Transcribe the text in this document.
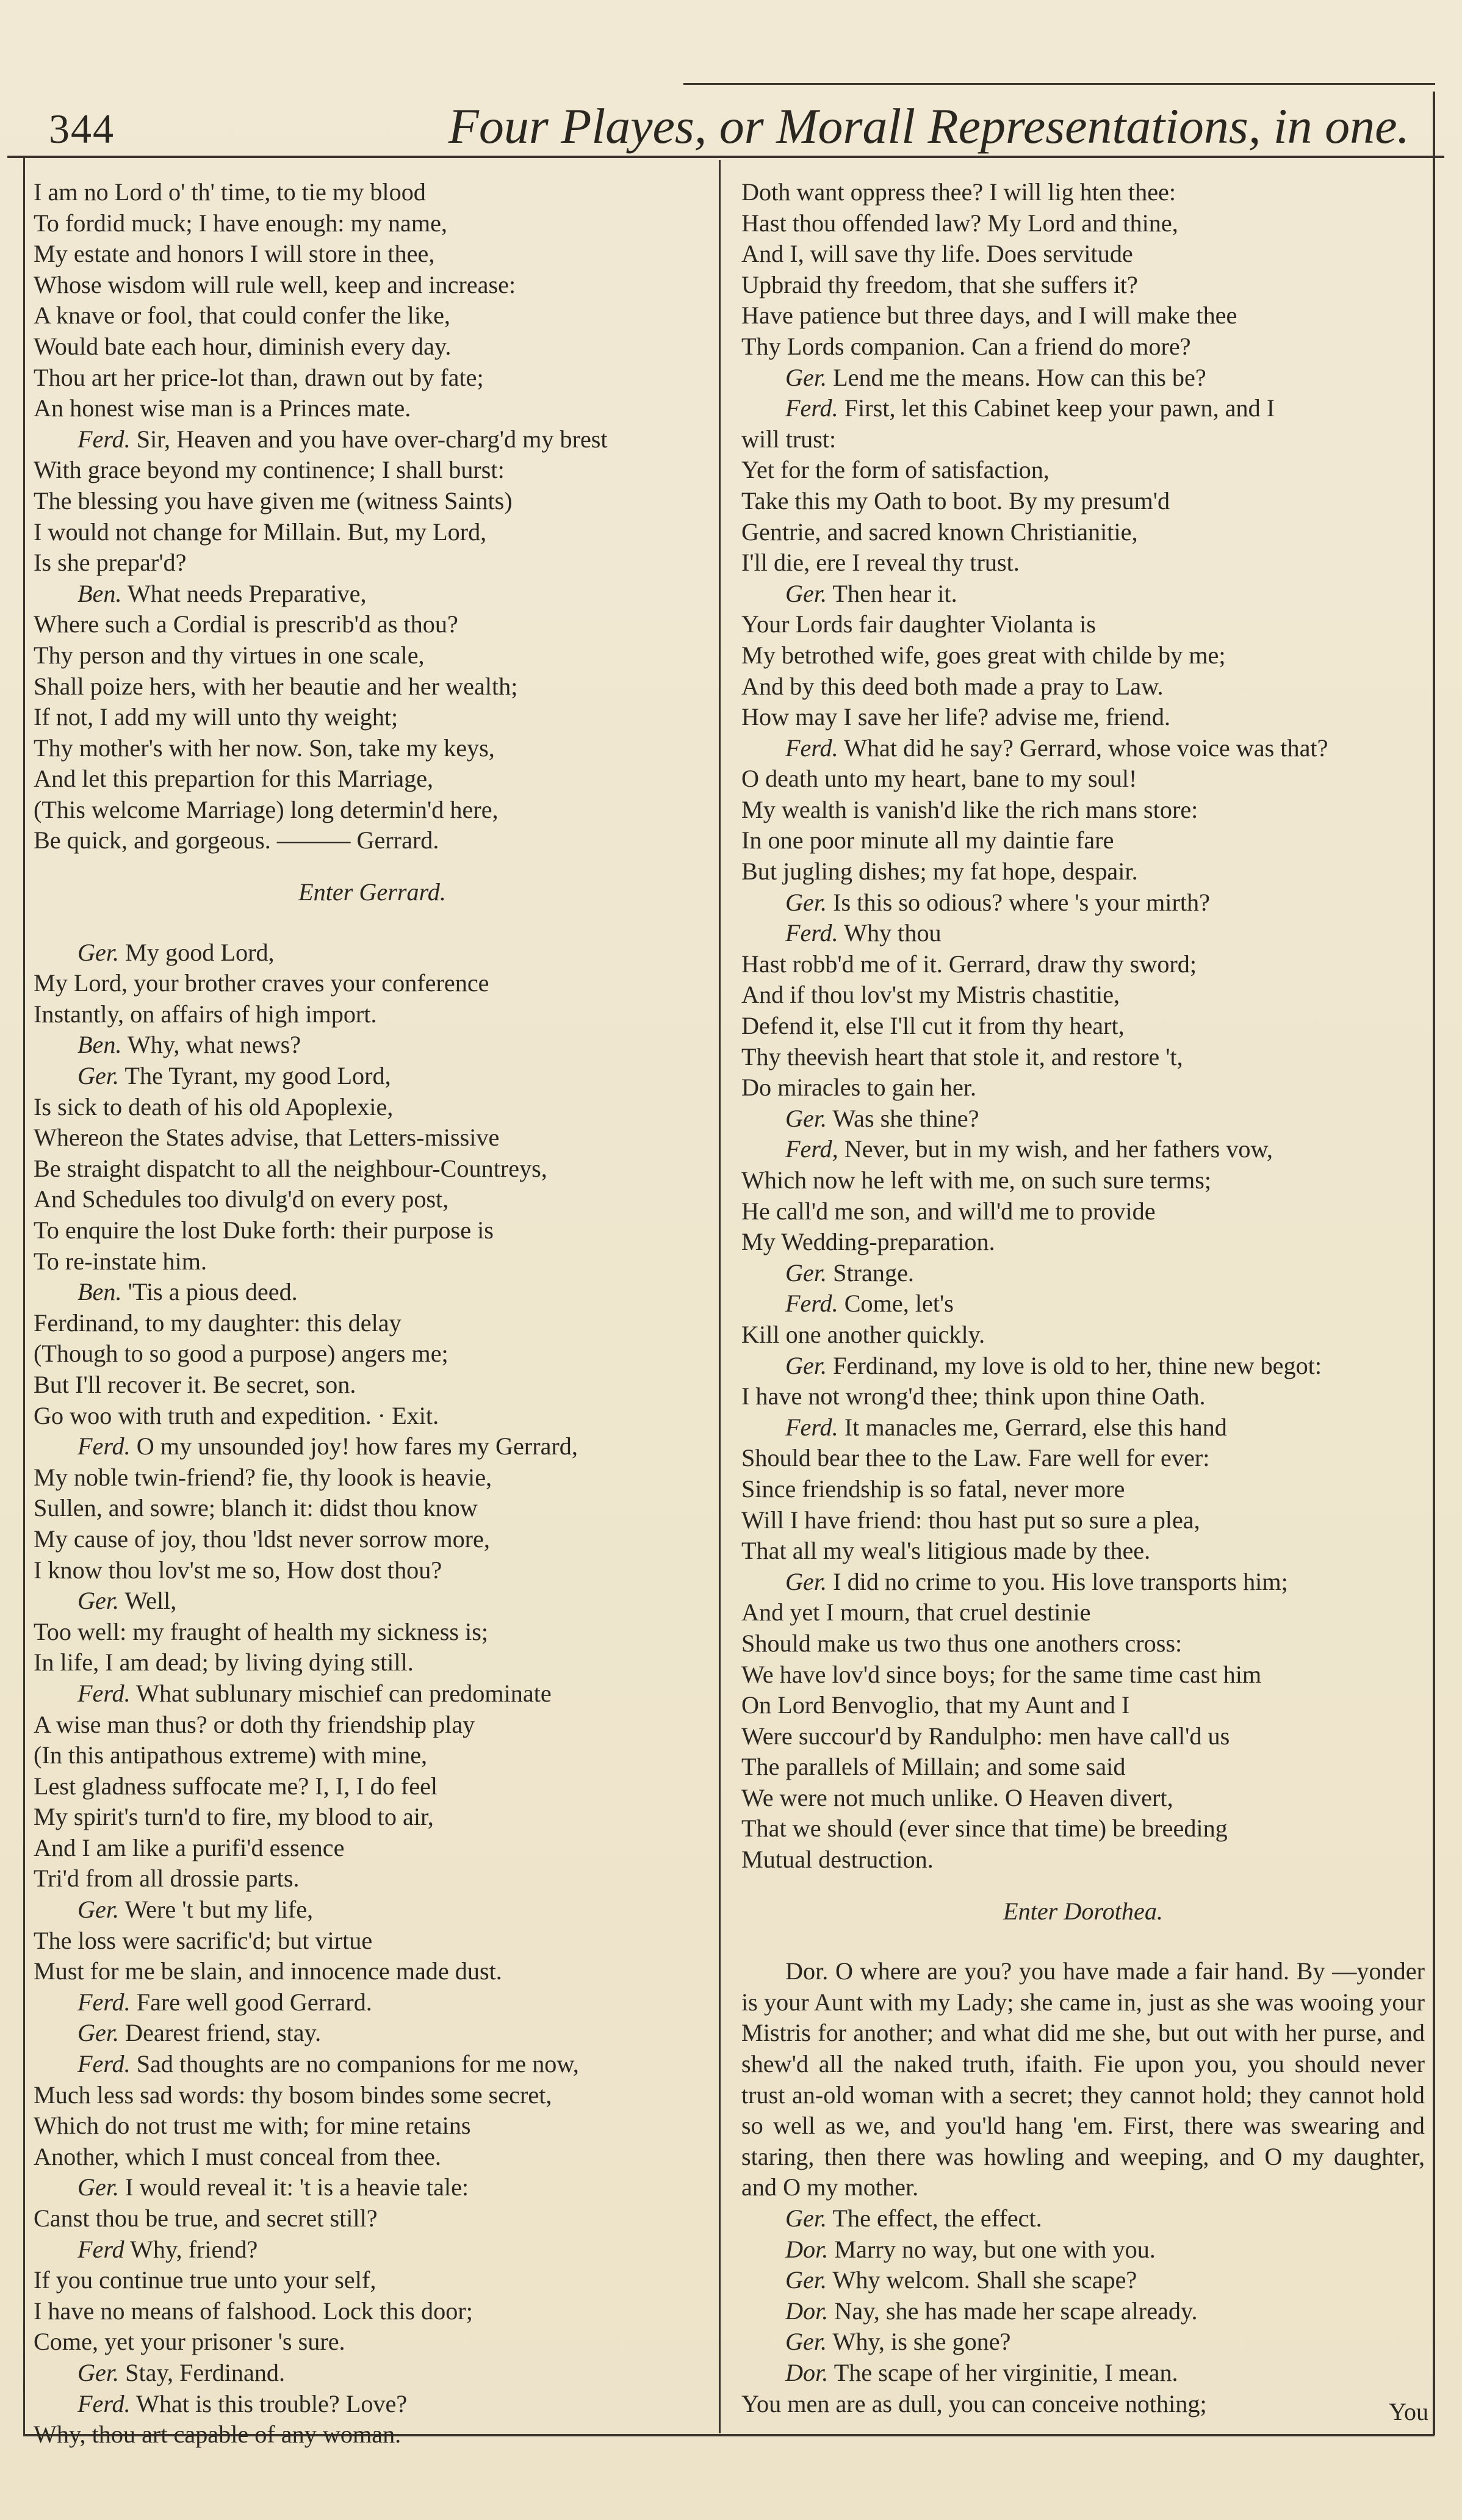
344	Four Playes, or Morall Representations, in one.
I am no Lord o' th' time, to tie my blood
To fordid muck; I have enough: my name,
My estate and honors I will store in thee,
Whose wisdom will rule well, keep and increase:
A knave or fool, that could confer the like,
Would bate each hour, diminish every day.
Thou art her price-lot than, drawn out by fate;
An honest wise man is a Princes mate.
Ferd. Sir, Heaven and you have over-charg'd my brest
With grace beyond my continence; I shall burst:
The blessing you have given me (witness Saints)
I would not change for Millain. But, my Lord,
Is she prepar'd?
Ben. What needs Preparative,
Where such a Cordial is prescrib'd as thou?
Thy person and thy virtues in one scale,
Shall poize hers, with her beautie and her wealth;
If not, I add my will unto thy weight;
Thy mother's with her now. Son, take my keys,
And let this prepartion for this Marriage,
(This welcome Marriage) long determin'd here,
Be quick, and gorgeous. ——— Gerrard.
Enter Gerrard.
Ger. My good Lord,
My Lord, your brother craves your conference
Instantly, on affairs of high import.
Ben. Why, what news?
Ger. The Tyrant, my good Lord,
Is sick to death of his old Apoplexie,
Whereon the States advise, that Letters-missive
Be straight dispatcht to all the neighbour-Countreys,
And Schedules too divulg'd on every post,
To enquire the lost Duke forth: their purpose is
To re-instate him.
Ben. 'Tis a pious deed.
Ferdinand, to my daughter: this delay
(Though to so good a purpose) angers me;
But I'll recover it. Be secret, son.
Go woo with truth and expedition. · Exit.
Ferd. O my unsounded joy! how fares my Gerrard,
My noble twin-friend? fie, thy loook is heavie,
Sullen, and sowre; blanch it: didst thou know
My cause of joy, thou 'ldst never sorrow more,
I know thou lov'st me so, How dost thou?
Ger. Well,
Too well: my fraught of health my sickness is;
In life, I am dead; by living dying still.
Ferd. What sublunary mischief can predominate
A wise man thus? or doth thy friendship play
(In this antipathous extreme) with mine,
Lest gladness suffocate me? I, I, I do feel
My spirit's turn'd to fire, my blood to air,
And I am like a purifi'd essence
Tri'd from all drossie parts.
Ger. Were 't but my life,
The loss were sacrific'd; but virtue
Must for me be slain, and innocence made dust.
Ferd. Fare well good Gerrard.
Ger. Dearest friend, stay.
Ferd. Sad thoughts are no companions for me now,
Much less sad words: thy bosom bindes some secret,
Which do not trust me with; for mine retains
Another, which I must conceal from thee.
Ger. I would reveal it: 't is a heavie tale:
Canst thou be true, and secret still?
Ferd Why, friend?
If you continue true unto your self,
I have no means of falshood. Lock this door;
Come, yet your prisoner 's sure.
Ger. Stay, Ferdinand.
Ferd. What is this trouble? Love?
Why, thou art capable of any woman.
Doth want oppress thee? I will lig hten thee:
Hast thou offended law? My Lord and thine,
And I, will save thy life. Does servitude
Upbraid thy freedom, that she suffers it?
Have patience but three days, and I will make thee
Thy Lords companion. Can a friend do more?
Ger. Lend me the means. How can this be?
Ferd. First, let this Cabinet keep your pawn, and I
will trust:
Yet for the form of satisfaction,
Take this my Oath to boot. By my presum'd
Gentrie, and sacred known Christianitie,
I'll die, ere I reveal thy trust.
Ger. Then hear it.
Your Lords fair daughter Violanta is
My betrothed wife, goes great with childe by me;
And by this deed both made a pray to Law.
How may I save her life? advise me, friend.
Ferd. What did he say? Gerrard, whose voice was that?
O death unto my heart, bane to my soul!
My wealth is vanish'd like the rich mans store:
In one poor minute all my daintie fare
But jugling dishes; my fat hope, despair.
Ger. Is this so odious? where 's your mirth?
Ferd. Why thou
Hast robb'd me of it. Gerrard, draw thy sword;
And if thou lov'st my Mistris chastitie,
Defend it, else I'll cut it from thy heart,
Thy theevish heart that stole it, and restore 't,
Do miracles to gain her.
Ger. Was she thine?
Ferd, Never, but in my wish, and her fathers vow,
Which now he left with me, on such sure terms;
He call'd me son, and will'd me to provide
My Wedding-preparation.
Ger. Strange.
Ferd. Come, let's
Kill one another quickly.
Ger. Ferdinand, my love is old to her, thine new begot:
I have not wrong'd thee; think upon thine Oath.
Ferd. It manacles me, Gerrard, else this hand
Should bear thee to the Law. Fare well for ever:
Since friendship is so fatal, never more
Will I have friend: thou hast put so sure a plea,
That all my weal's litigious made by thee.
Ger. I did no crime to you. His love transports him;
And yet I mourn, that cruel destinie
Should make us two thus one anothers cross:
We have lov'd since boys; for the same time cast him
On Lord Benvoglio, that my Aunt and I
Were succour'd by Randulpho: men have call'd us
The parallels of Millain; and some said
We were not much unlike. O Heaven divert,
That we should (ever since that time) be breeding
Mutual destruction.
Enter Dorothea.
Dor. O where are you? you have made a fair hand. By —yonder is your Aunt with my Lady; she came in, just as she was wooing your Mistris for another; and what did me she, but out with her purse, and shew'd all the naked truth, ifaith. Fie upon you, you should never trust an-old woman with a secret; they cannot hold; they cannot hold so well as we, and you'ld hang 'em. First, there was swearing and staring, then there was howling and weeping, and O my daughter, and O my mother.
Ger. The effect, the effect.
Dor. Marry no way, but one with you.
Ger. Why welcom. Shall she scape?
Dor. Nay, she has made her scape already.
Ger. Why, is she gone?
Dor. The scape of her virginitie, I mean.
You men are as dull, you can conceive nothing;	You
